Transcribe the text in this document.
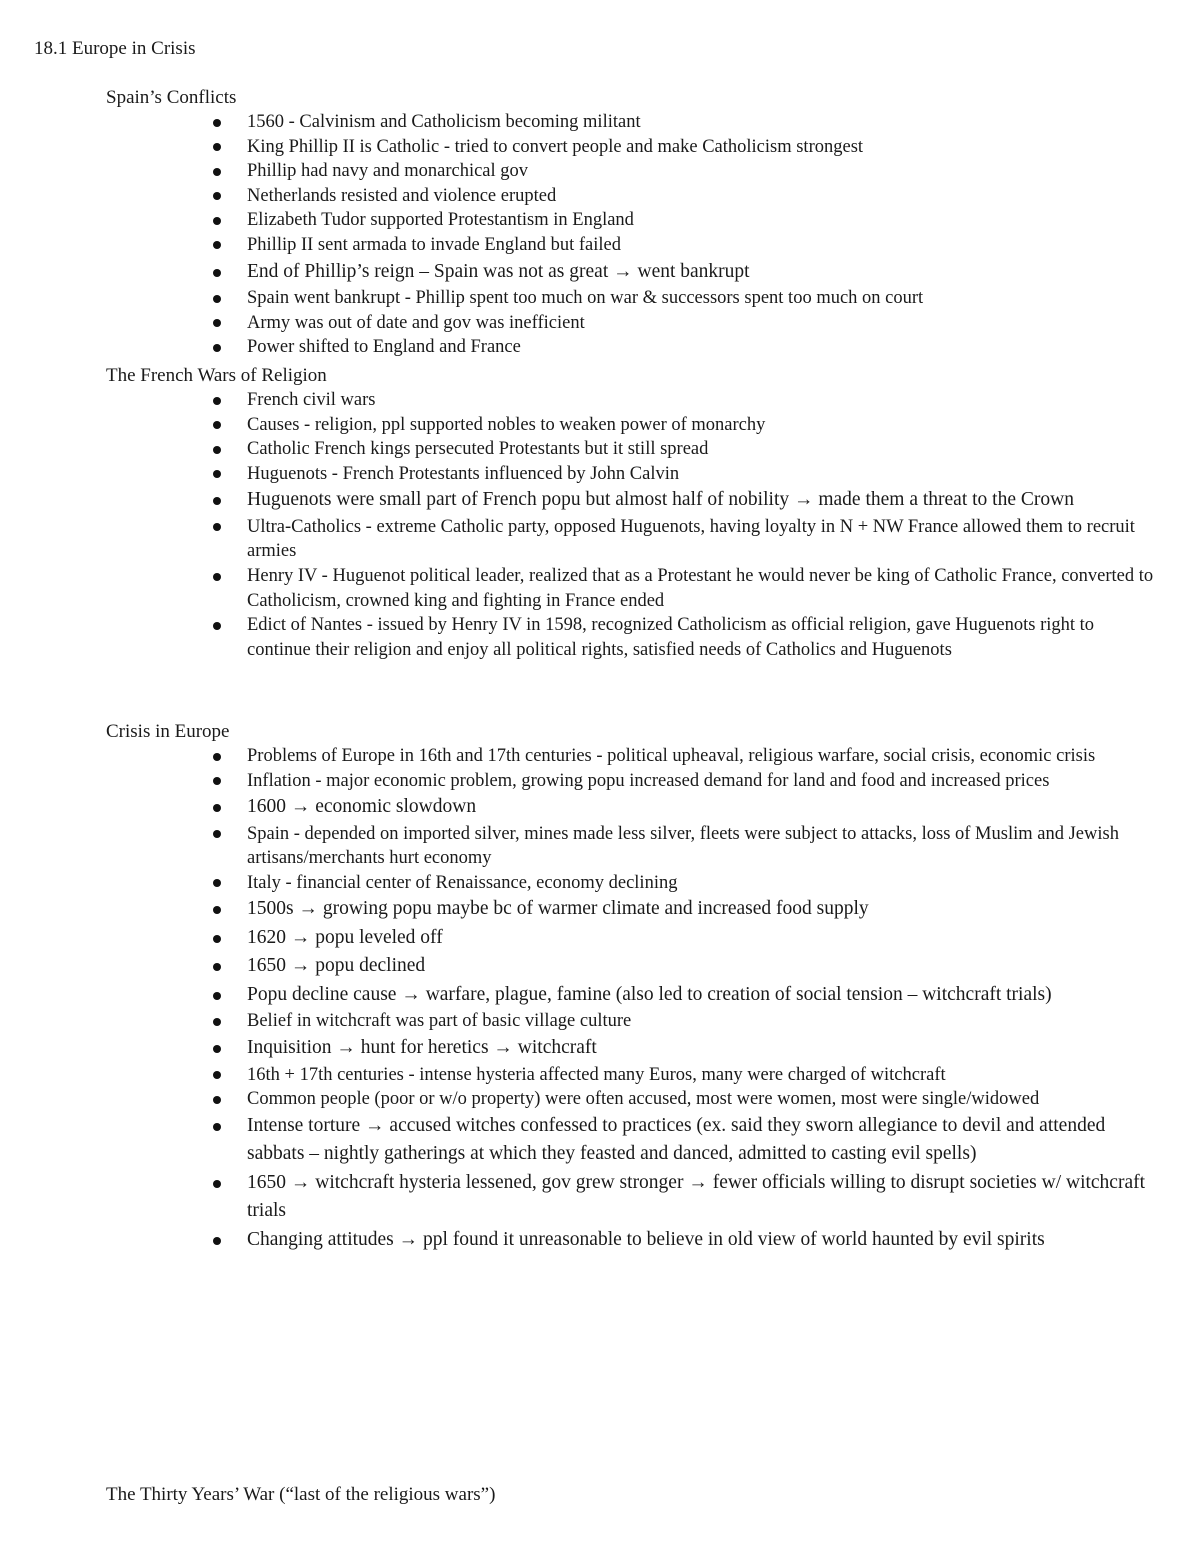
18.1 Europe in Crisis
Spain’s Conflicts
1560 - Calvinism and Catholicism becoming militant
King Phillip II is Catholic - tried to convert people and make Catholicism strongest
Phillip had navy and monarchical gov
Netherlands resisted and violence erupted
Elizabeth Tudor supported Protestantism in England
Phillip II sent armada to invade England but failed
End of Phillip’s reign – Spain was not as great → went bankrupt
Spain went bankrupt - Phillip spent too much on war & successors spent too much on court
Army was out of date and gov was inefficient
Power shifted to England and France
The French Wars of Religion
French civil wars
Causes - religion, ppl supported nobles to weaken power of monarchy
Catholic French kings persecuted Protestants but it still spread
Huguenots - French Protestants influenced by John Calvin
Huguenots were small part of French popu but almost half of nobility → made them a threat to the Crown
Ultra-Catholics - extreme Catholic party, opposed Huguenots, having loyalty in N + NW France allowed them to recruit armies
Henry IV - Huguenot political leader, realized that as a Protestant he would never be king of Catholic France, converted to Catholicism, crowned king and fighting in France ended
Edict of Nantes - issued by Henry IV in 1598, recognized Catholicism as official religion, gave Huguenots right to continue their religion and enjoy all political rights, satisfied needs of Catholics and Huguenots
Crisis in Europe
Problems of Europe in 16th and 17th centuries - political upheaval, religious warfare, social crisis, economic crisis
Inflation - major economic problem, growing popu increased demand for land and food and increased prices
1600 → economic slowdown
Spain - depended on imported silver, mines made less silver, fleets were subject to attacks, loss of Muslim and Jewish artisans/merchants hurt economy
Italy - financial center of Renaissance, economy declining
1500s → growing popu maybe bc of warmer climate and increased food supply
1620 → popu leveled off
1650 → popu declined
Popu decline cause → warfare, plague, famine (also led to creation of social tension – witchcraft trials)
Belief in witchcraft was part of basic village culture
Inquisition → hunt for heretics → witchcraft
16th + 17th centuries - intense hysteria affected many Euros, many were charged of witchcraft
Common people (poor or w/o property) were often accused, most were women, most were single/widowed
Intense torture → accused witches confessed to practices (ex. said they sworn allegiance to devil and attended sabbats – nightly gatherings at which they feasted and danced, admitted to casting evil spells)
1650 → witchcraft hysteria lessened, gov grew stronger → fewer officials willing to disrupt societies w/ witchcraft trials
Changing attitudes → ppl found it unreasonable to believe in old view of world haunted by evil spirits
The Thirty Years’ War (“last of the religious wars”)
